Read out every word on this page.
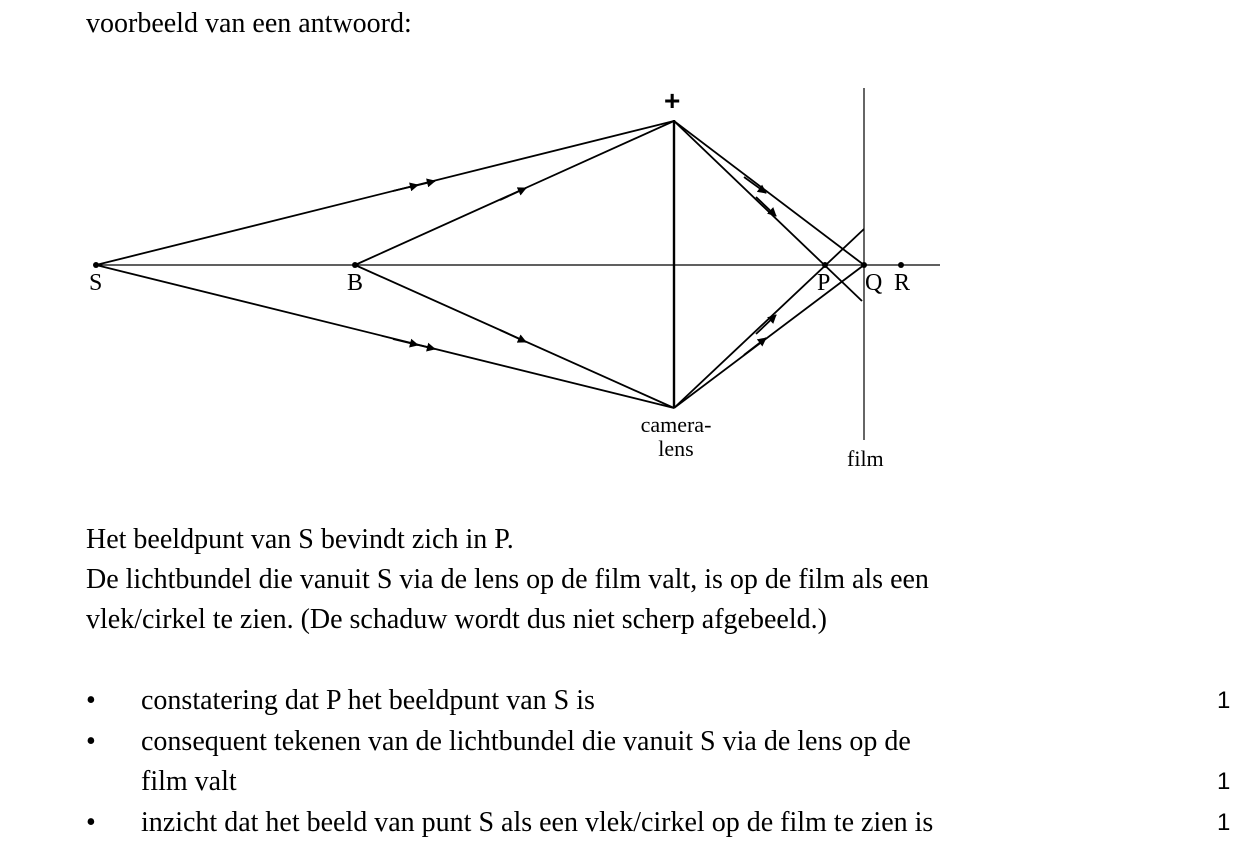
voorbeeld van een antwoord:
S	B	P Q R
+
camera-
lens	film
Het beeldpunt van S bevindt zich in P.
De lichtbundel die vanuit S via de lens op de film valt, is op de film als een
vlek/cirkel te zien. (De schaduw wordt dus niet scherp afgebeeld.)
• constatering dat P het beeldpunt van S is	1
• consequent tekenen van de lichtbundel die vanuit S via de lens op de
film valt	1
• inzicht dat het beeld van punt S als een vlek/cirkel op de film te zien is	1
